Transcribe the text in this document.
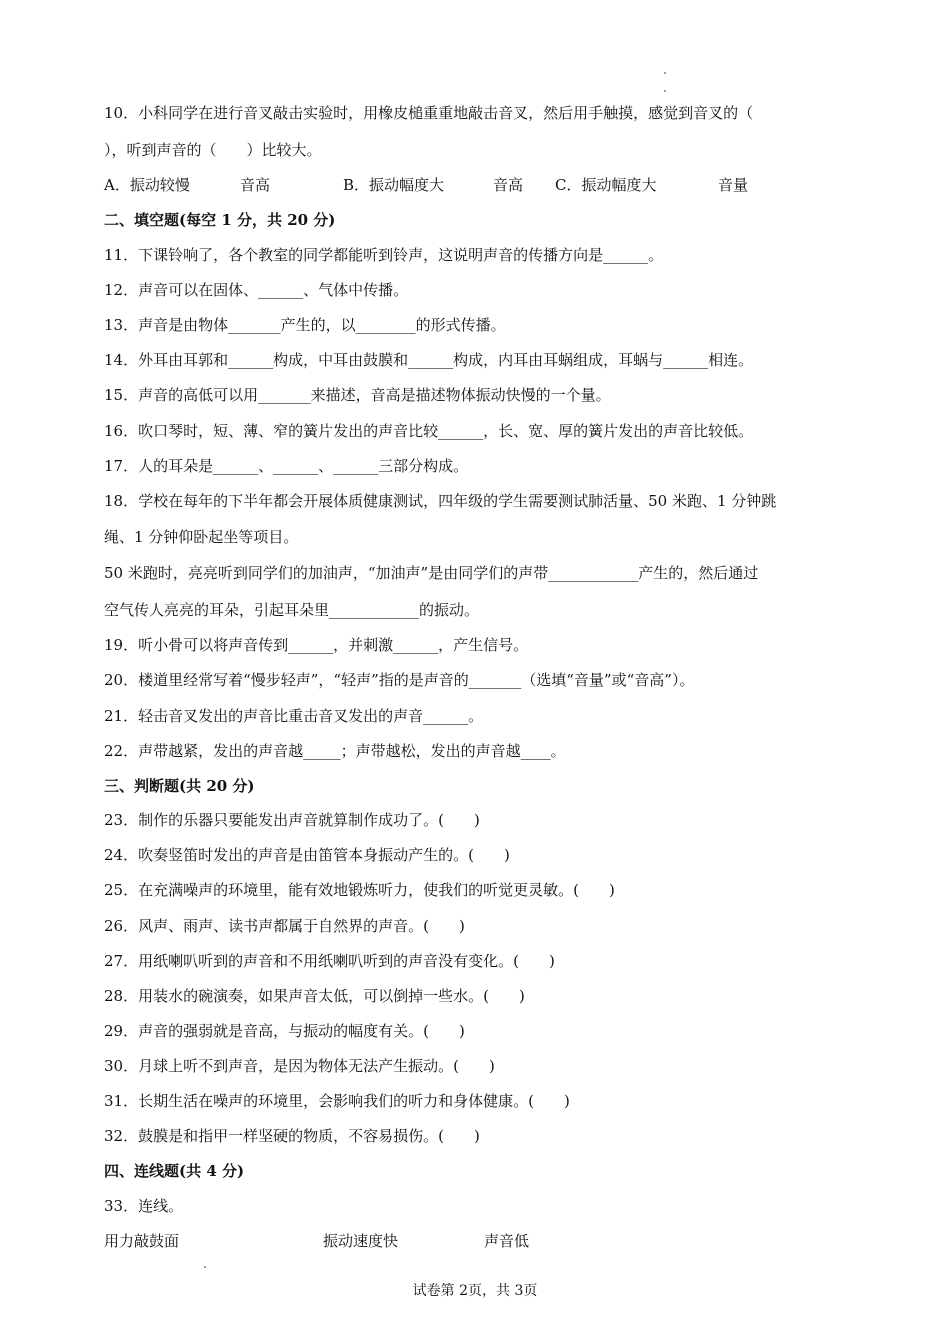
10．小科同学在进行音叉敲击实验时，用橡皮槌重重地敲击音叉，然后用手触摸，感觉到音叉的（
），听到声音的（　　）比较大。
A．振动较慢	音高	B．振动幅度大	音高 C．振动幅度大	音量
二、填空题(每空 1 分，共 20 分)
11．下课铃响了，各个教室的同学都能听到铃声，这说明声音的传播方向是______。
12．声音可以在固体、______、气体中传播。
13．声音是由物体_______产生的，以________的形式传播。
14．外耳由耳郭和______构成，中耳由鼓膜和______构成，内耳由耳蜗组成，耳蜗与______相连。
15．声音的高低可以用_______来描述，音高是描述物体振动快慢的一个量。
16．吹口琴时，短、薄、窄的簧片发出的声音比较______，长、宽、厚的簧片发出的声音比较低。
17．人的耳朵是______、______、______三部分构成。
18．学校在每年的下半年都会开展体质健康测试，四年级的学生需要测试肺活量、50 米跑、1 分钟跳
绳、1 分钟仰卧起坐等项目。
50 米跑时，亮亮听到同学们的加油声，“加油声”是由同学们的声带____________产生的，然后通过
空气传人亮亮的耳朵，引起耳朵里____________的振动。
19．听小骨可以将声音传到______，并刺激______，产生信号。
20．楼道里经常写着“慢步轻声”，“轻声”指的是声音的_______（选填“音量”或“音高”）。
21．轻击音叉发出的声音比重击音叉发出的声音______。
22．声带越紧，发出的声音越_____；声带越松，发出的声音越____。
三、判断题(共 20 分)
23．制作的乐器只要能发出声音就算制作成功了。(　　)
24．吹奏竖笛时发出的声音是由笛管本身振动产生的。(　　)
25．在充满噪声的环境里，能有效地锻炼听力，使我们的听觉更灵敏。(　　)
26．风声、雨声、读书声都属于自然界的声音。(　　)
27．用纸喇叭听到的声音和不用纸喇叭听到的声音没有变化。(　　)
28．用装水的碗演奏，如果声音太低，可以倒掉一些水。(　　)
29．声音的强弱就是音高，与振动的幅度有关。(　　)
30．月球上听不到声音，是因为物体无法产生振动。(　　)
31．长期生活在噪声的环境里，会影响我们的听力和身体健康。(　　)
32．鼓膜是和指甲一样坚硬的物质，不容易损伤。(　　)
四、连线题(共 4 分)
33．连线。
用力敲鼓面	振动速度快	声音低
试卷第 2页，共 3页
